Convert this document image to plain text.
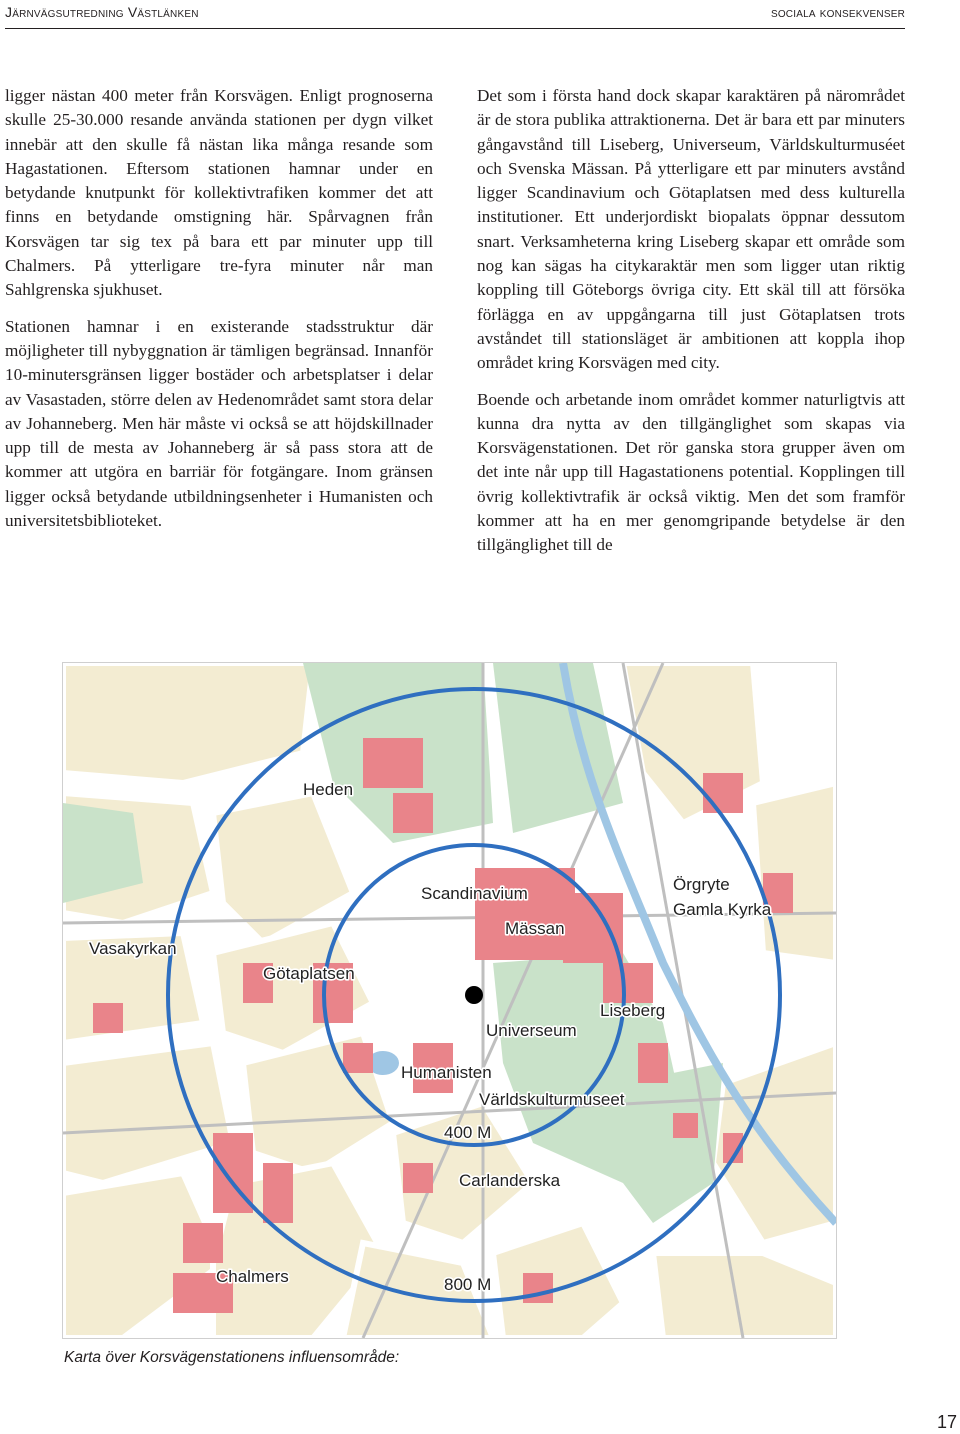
Järnvägsutredning Västlänken	sociala konsekvenser

ligger nästan 400 meter från Korsvägen. Enligt prognoserna skulle 25-30.000 resande använda stationen per dygn vilket innebär att den skulle få nästan lika många resande som Hagastationen. Eftersom stationen hamnar under en betydande knutpunkt för kollektivtrafiken kommer det att finns en betydande omstigning här. Spårvagnen från Korsvägen tar sig tex på bara ett par minuter upp till Chalmers. På ytterligare tre-fyra minuter når man Sahlgrenska sjukhuset.

Stationen hamnar i en existerande stadsstruktur där möjligheter till nybyggnation är tämligen begränsad. Innanför 10-minutersgränsen ligger bostäder och arbetsplatser i delar av Vasastaden, större delen av Hedenområdet samt stora delar av Johanneberg. Men här måste vi också se att höjdskillnader upp till de mesta av Johanneberg är så pass stora att de kommer att utgöra en barriär för fotgängare. Inom gränsen ligger också betydande utbildningsenheter i Humanisten och universitetsbiblioteket.

Det som i första hand dock skapar karaktären på närområdet är de stora publika attraktionerna. Det är bara ett par minuters gångavstånd till Liseberg, Universeum, Världskulturmuséet och Svenska Mässan. På ytterligare ett par minuters avstånd ligger Scandinavium och Götaplatsen med dess kulturella institutioner. Ett underjordiskt biopalats öppnar dessutom snart. Verksamheterna kring Liseberg skapar ett område som nog kan sägas ha citykaraktär men som ligger utan riktig koppling till Göteborgs övriga city. Ett skäl till att försöka förlägga en av uppgångarna till just Götaplatsen trots avståndet till stationsläget är ambitionen att koppla ihop området kring Korsvägen med city.

Boende och arbetande inom området kommer naturligtvis att kunna dra nytta av den tillgänglighet som skapas via Korsvägenstationen. Det rör ganska stora grupper även om det inte når upp till Hagastationens potential. Kopplingen till övrig kollektivtrafik är också viktig. Men det som framför kommer att ha en mer genomgripande betydelse är den tillgänglighet till de

Heden
Scandinavium
Mässan
Örgryte
Gamla Kyrka
Vasakyrkan
Götaplatsen
Liseberg
Universeum
Humanisten
Världskulturmuseet
400 M
Carlanderska
Chalmers	800 M
Karta över Korsvägenstationens influensområde:
17
